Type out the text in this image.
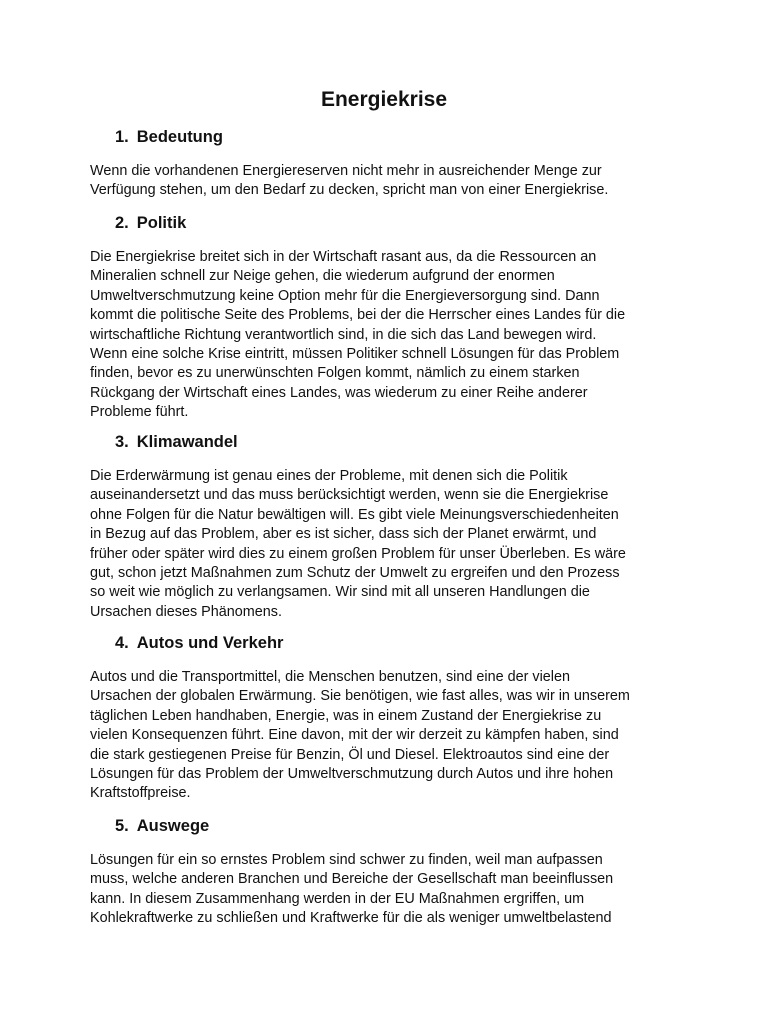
Energiekrise
1. Bedeutung

Wenn die vorhandenen Energiereserven nicht mehr in ausreichender Menge zur
Verfügung stehen, um den Bedarf zu decken, spricht man von einer Energiekrise.

2. Politik

Die Energiekrise breitet sich in der Wirtschaft rasant aus, da die Ressourcen an
Mineralien schnell zur Neige gehen, die wiederum aufgrund der enormen
Umweltverschmutzung keine Option mehr für die Energieversorgung sind. Dann
kommt die politische Seite des Problems, bei der die Herrscher eines Landes für die
wirtschaftliche Richtung verantwortlich sind, in die sich das Land bewegen wird.
Wenn eine solche Krise eintritt, müssen Politiker schnell Lösungen für das Problem
finden, bevor es zu unerwünschten Folgen kommt, nämlich zu einem starken
Rückgang der Wirtschaft eines Landes, was wiederum zu einer Reihe anderer
Probleme führt.

3. Klimawandel

Die Erderwärmung ist genau eines der Probleme, mit denen sich die Politik
auseinandersetzt und das muss berücksichtigt werden, wenn sie die Energiekrise
ohne Folgen für die Natur bewältigen will. Es gibt viele Meinungsverschiedenheiten
in Bezug auf das Problem, aber es ist sicher, dass sich der Planet erwärmt, und
früher oder später wird dies zu einem großen Problem für unser Überleben. Es wäre
gut, schon jetzt Maßnahmen zum Schutz der Umwelt zu ergreifen und den Prozess
so weit wie möglich zu verlangsamen. Wir sind mit all unseren Handlungen die
Ursachen dieses Phänomens.

4. Autos und Verkehr

Autos und die Transportmittel, die Menschen benutzen, sind eine der vielen
Ursachen der globalen Erwärmung. Sie benötigen, wie fast alles, was wir in unserem
täglichen Leben handhaben, Energie, was in einem Zustand der Energiekrise zu
vielen Konsequenzen führt. Eine davon, mit der wir derzeit zu kämpfen haben, sind
die stark gestiegenen Preise für Benzin, Öl und Diesel. Elektroautos sind eine der
Lösungen für das Problem der Umweltverschmutzung durch Autos und ihre hohen
Kraftstoffpreise.

5. Auswege

Lösungen für ein so ernstes Problem sind schwer zu finden, weil man aufpassen
muss, welche anderen Branchen und Bereiche der Gesellschaft man beeinflussen
kann. In diesem Zusammenhang werden in der EU Maßnahmen ergriffen, um
Kohlekraftwerke zu schließen und Kraftwerke für die als weniger umweltbelastend
